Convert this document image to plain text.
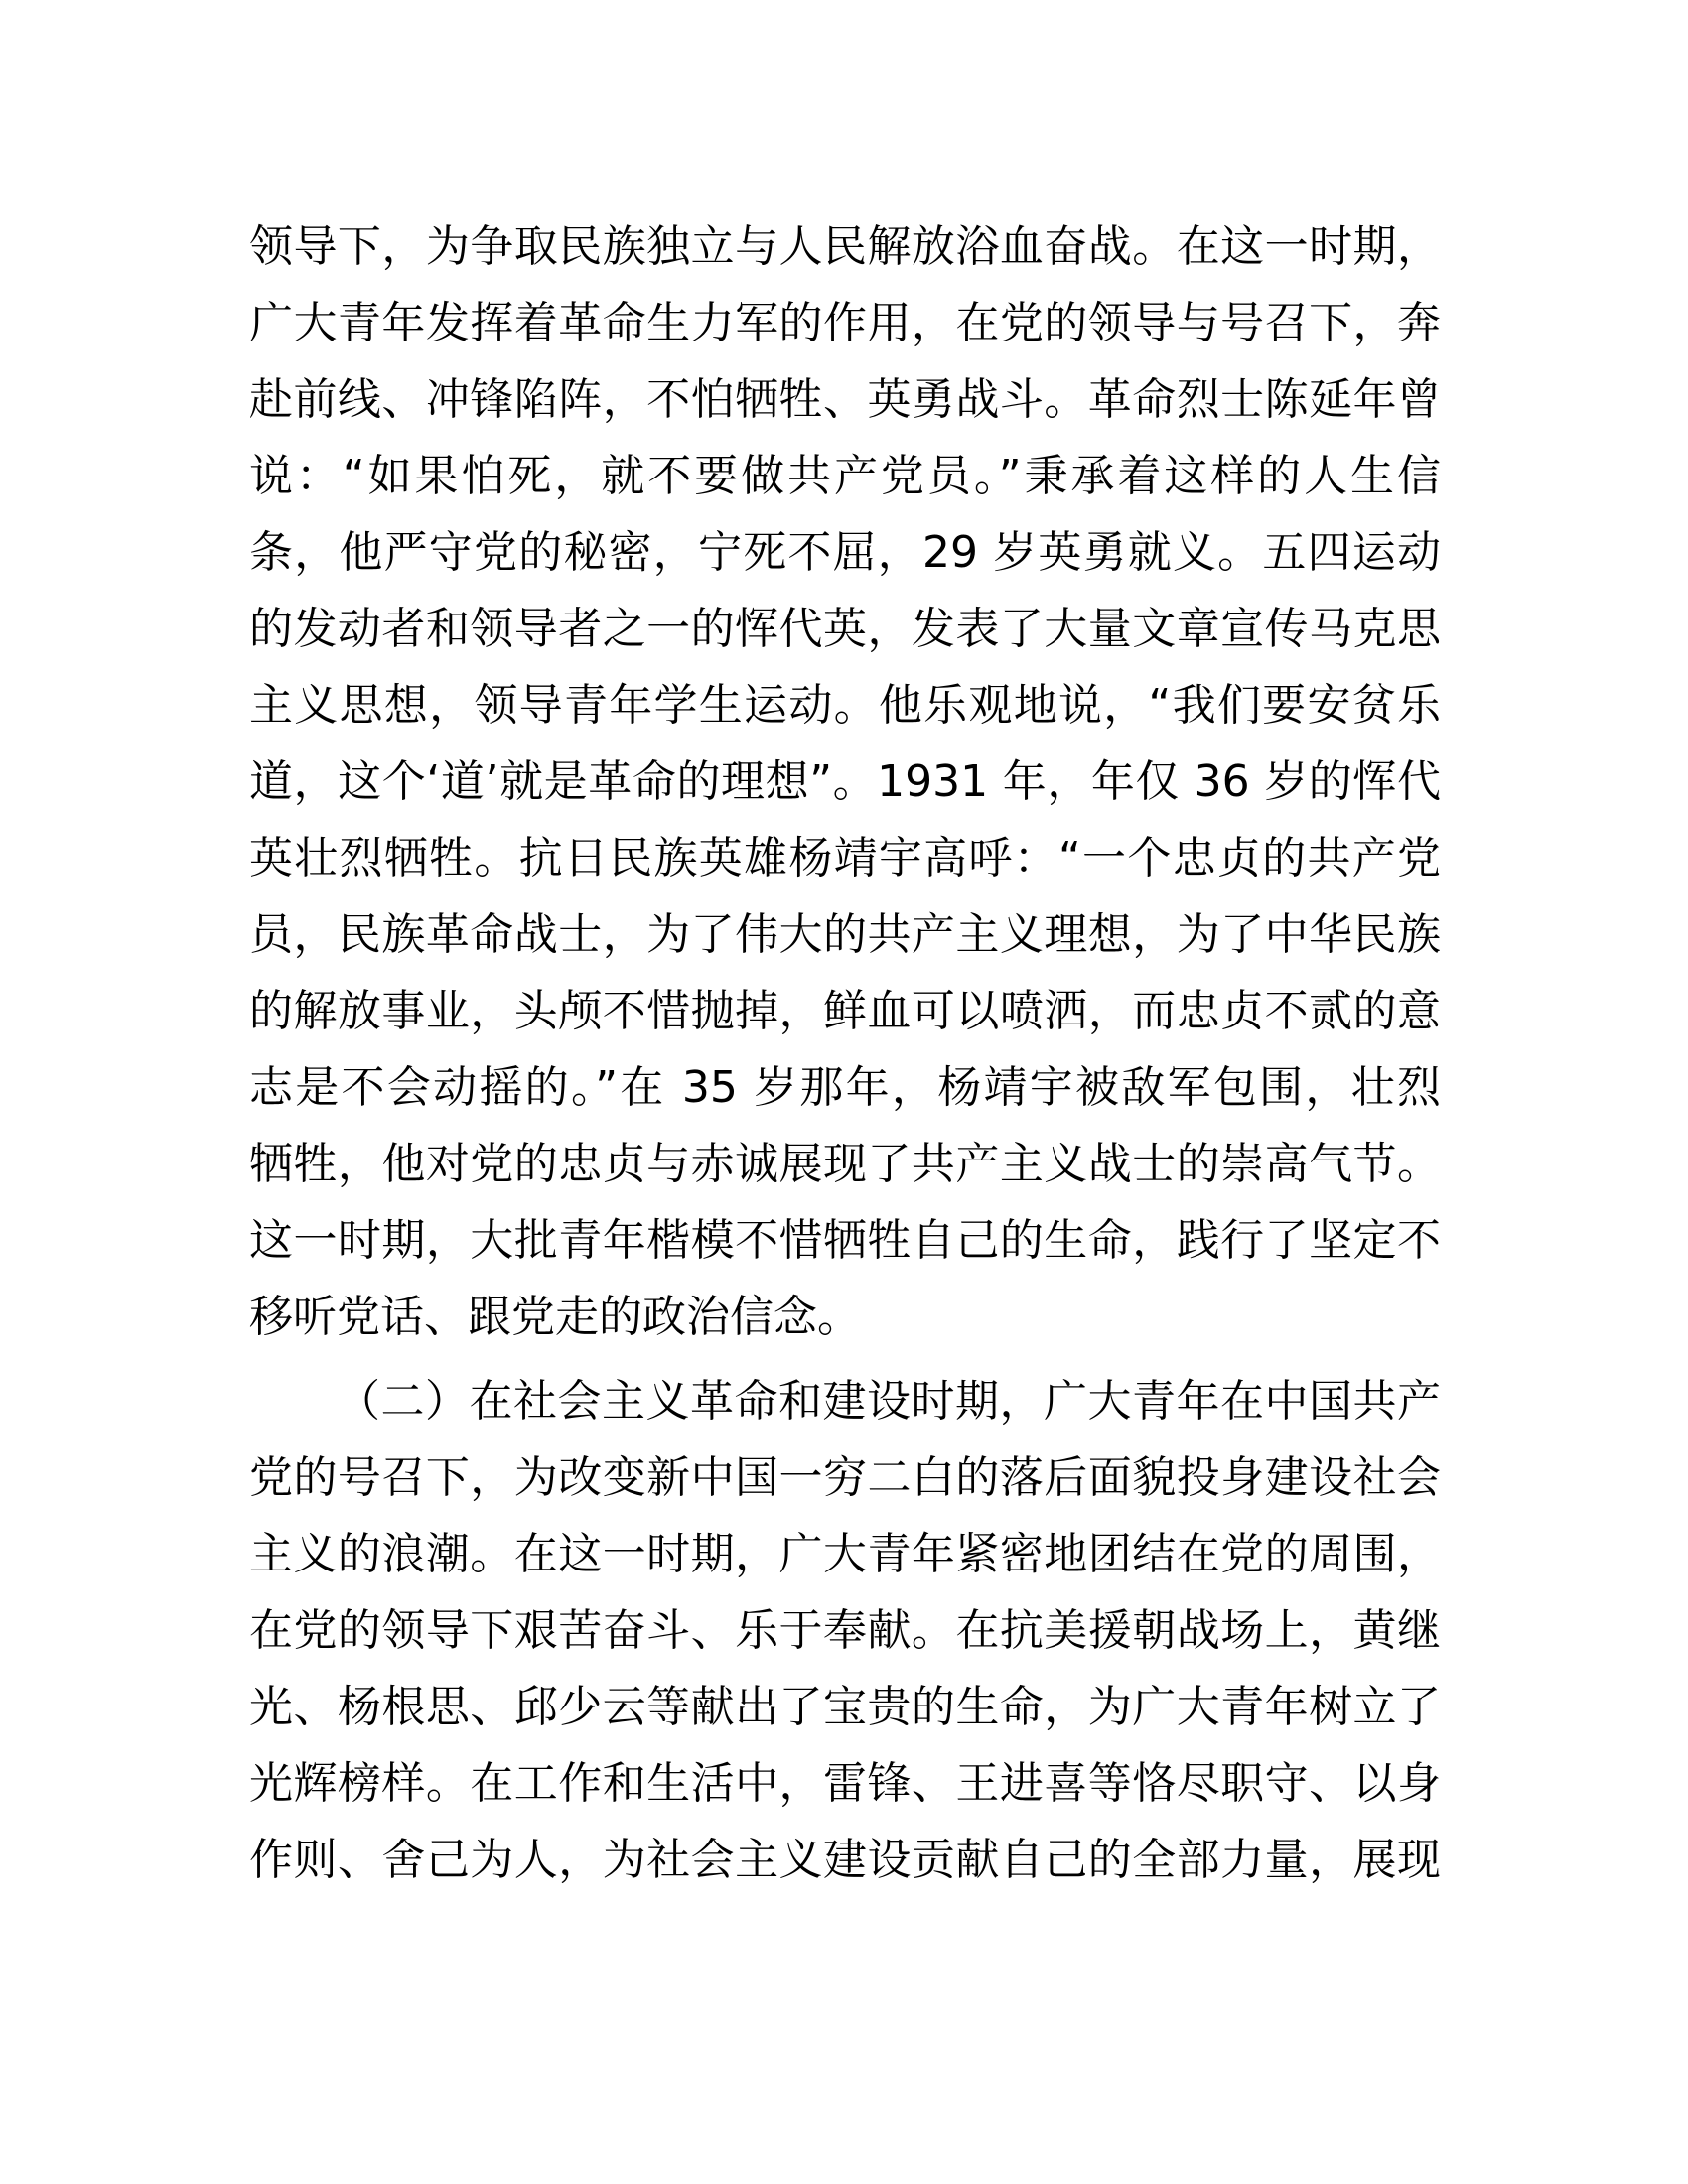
领导下，为争取民族独立与人民解放浴血奋战。在这一时期，
广大青年发挥着革命生力军的作用，在党的领导与号召下，奔
赴前线、冲锋陷阵，不怕牺牲、英勇战斗。革命烈士陈延年曾
说：“如果怕死，就不要做共产党员。”秉承着这样的人生信
条，他严守党的秘密，宁死不屈，29 岁英勇就义。五四运动
的发动者和领导者之一的恽代英，发表了大量文章宣传马克思
主义思想，领导青年学生运动。他乐观地说，“我们要安贫乐
道，这个‘道’就是革命的理想”。1931 年，年仅 36 岁的恽代
英壮烈牺牲。抗日民族英雄杨靖宇高呼：“一个忠贞的共产党
员，民族革命战士，为了伟大的共产主义理想，为了中华民族
的解放事业，头颅不惜抛掉，鲜血可以喷洒，而忠贞不贰的意
志是不会动摇的。”在 35 岁那年，杨靖宇被敌军包围，壮烈
牺牲，他对党的忠贞与赤诚展现了共产主义战士的崇高气节。
这一时期，大批青年楷模不惜牺牲自己的生命，践行了坚定不
移听党话、跟党走的政治信念。
（二）在社会主义革命和建设时期，广大青年在中国共产
党的号召下，为改变新中国一穷二白的落后面貌投身建设社会
主义的浪潮。在这一时期，广大青年紧密地团结在党的周围，
在党的领导下艰苦奋斗、乐于奉献。在抗美援朝战场上，黄继
光、杨根思、邱少云等献出了宝贵的生命，为广大青年树立了
光辉榜样。在工作和生活中，雷锋、王进喜等恪尽职守、以身
作则、舍己为人，为社会主义建设贡献自己的全部力量，展现
